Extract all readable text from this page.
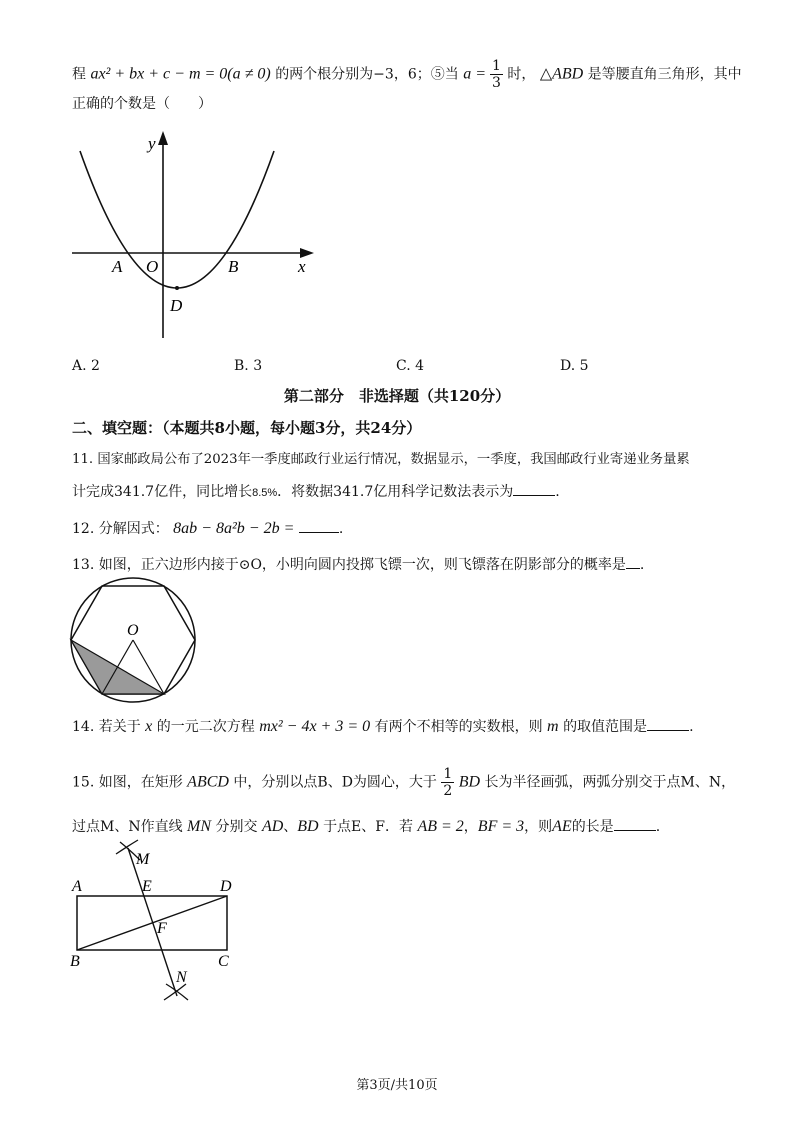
程 ax² + bx + c − m = 0(a ≠ 0) 的两个根分别为−3，6；⑤当 $a = \frac{1}{3}$ 时， △ABD 是等腰直角三角形，其中
正确的个数是（　　）
y
x
A O	B
D
A. 2	B. 3	C. 4	D. 5
第二部分　非选择题（共120分）
二、填空题：（本题共8小题，每小题3分，共24分）
11. 国家邮政局公布了2023年一季度邮政行业运行情况，数据显示，一季度，我国邮政行业寄递业务量累
计完成341.7亿件，同比增长8.5%．将数据341.7亿用科学记数法表示为	.
12. 分解因式： 8ab − 8a²b − 2b =	.
13. 如图，正六边形内接于⊙O，小明向圆内投掷飞镖一次，则飞镖落在阴影部分的概率是 .
O
14. 若关于 x 的一元二次方程 mx² − 4x + 3 = 0 有两个不相等的实数根，则 m 的取值范围是	.
15. 如图，在矩形 ABCD 中，分别以点B、D为圆心，大于 $\frac{1}{2}$ BD 长为半径画弧，两弧分别交于点M、N，
过点M、N作直线 MN 分别交 AD、BD 于点E、F．若 AB = 2，BF = 3，则AE的长是	.
M
A	E	D
F
B	C
N
第3页/共10页
